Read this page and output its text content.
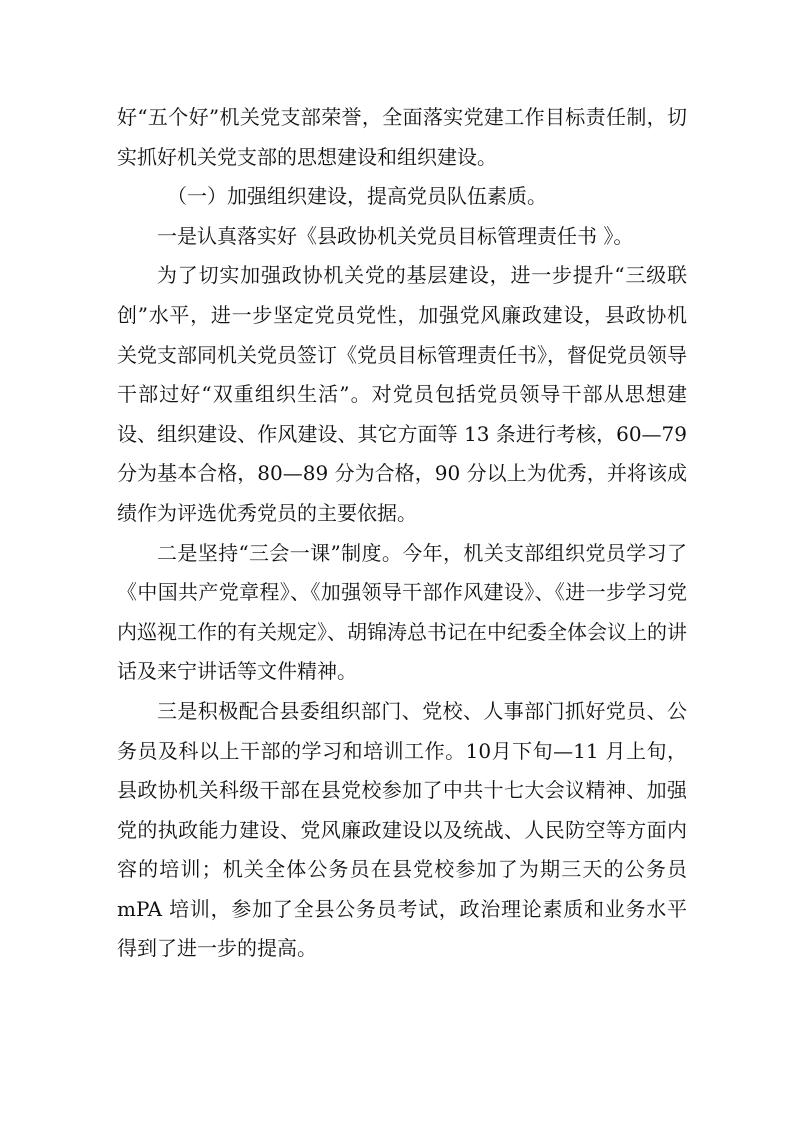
好“五个好”机关党支部荣誉，全面落实党建工作目标责任制，切实抓好机关党支部的思想建设和组织建设。

（一）加强组织建设，提高党员队伍素质。

一是认真落实好《县政协机关党员目标管理责任书 》。

为了切实加强政协机关党的基层建设，进一步提升“三级联创”水平，进一步坚定党员党性，加强党风廉政建设，县政协机关党支部同机关党员签订《党员目标管理责任书》，督促党员领导干部过好“双重组织生活”。对党员包括党员领导干部从思想建设、组织建设、作风建设、其它方面等 13 条进行考核，60—79 分为基本合格，80—89 分为合格，90 分以上为优秀，并将该成绩作为评选优秀党员的主要依据。

二是坚持“三会一课”制度。今年，机关支部组织党员学习了《中国共产党章程》、《加强领导干部作风建设》、《进一步学习党内巡视工作的有关规定》、胡锦涛总书记在中纪委全体会议上的讲话及来宁讲话等文件精神。

三是积极配合县委组织部门、党校、人事部门抓好党员、公务员及科以上干部的学习和培训工作。10月下旬—11 月上旬，县政协机关科级干部在县党校参加了中共十七大会议精神、加强党的执政能力建设、党风廉政建设以及统战、人民防空等方面内容的培训；机关全体公务员在县党校参加了为期三天的公务员 mPA 培训，参加了全县公务员考试，政治理论素质和业务水平得到了进一步的提高。
